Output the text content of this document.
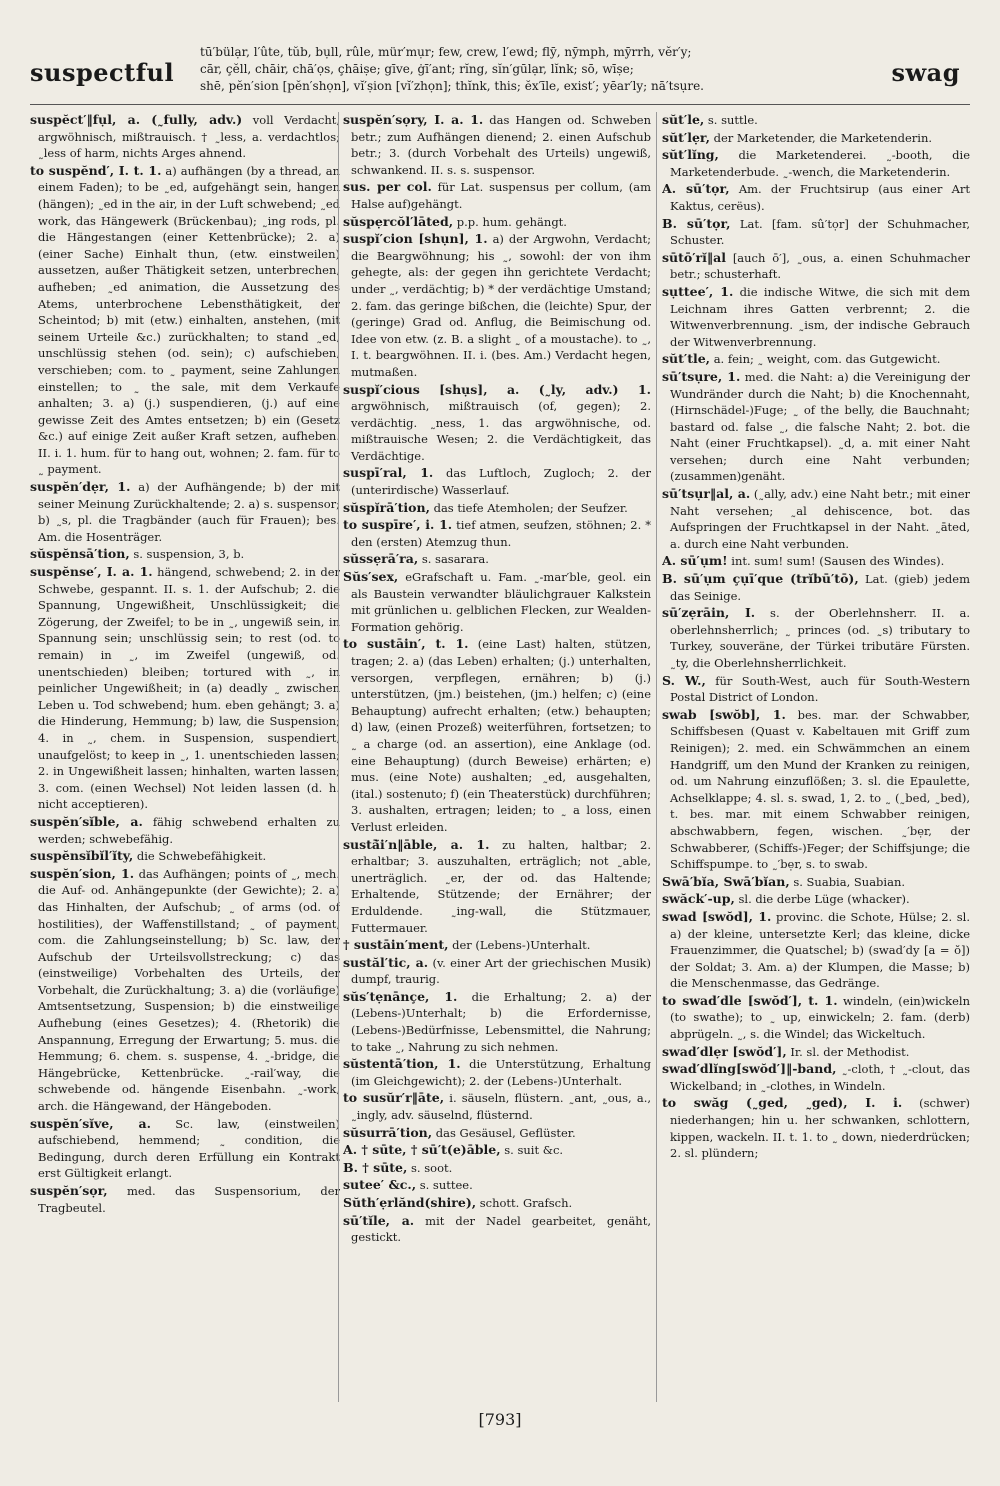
suspectful
tū′bülạr, l′ûte, tŭb, bụll, rûle, mür′mụr; few, crew, l′ewd; flȳ, nȳmph, mȳrrh, vĕr′y;
cār, çĕll, chāir, chā′ọs, çhāiṣe; gīve, ġī′ant; rĭng, sĭn′gūlạr, lĭnk; sō, wīṣe;
shē, pĕn′sion [pĕn′shọn], vĭ′ṣion [vĭ′zhọn]; thĭnk, this; ĕx′īle, exist′; yēar′ly; nā′tsụre.	swag

suspĕct′‖fụl, a. (˷fully, adv.) voll Verdacht, argwöhnisch, mißtrauisch. † ˷less, a. verdachtlos; ˷less of harm, nichts Arges ahnend.

to suspĕnd′, I. t. 1. a) aufhängen (by a thread, an einem Faden); to be ˷ed, aufgehängt sein, hangen (hängen); ˷ed in the air, in der Luft schwebend; ˷ed work, das Hängewerk (Brückenbau); ˷ing rods, pl. die Hängestangen (einer Kettenbrücke); 2. a) (einer Sache) Einhalt thun, (etw. einstweilen) aussetzen, außer Thätigkeit setzen, unterbrechen, aufheben; ˷ed animation, die Aussetzung des Atems, unterbrochene Lebensthätigkeit, der Scheintod; b) mit (etw.) einhalten, anstehen, (mit seinem Urteile &c.) zurückhalten; to stand ˷ed, unschlüssig stehen (od. sein); c) aufschieben, verschieben; com. to ˷ payment, seine Zahlungen einstellen; to ˷ the sale, mit dem Verkaufe anhalten; 3. a) (j.) suspendieren, (j.) auf eine gewisse Zeit des Amtes entsetzen; b) ein (Gesetz &c.) auf einige Zeit außer Kraft setzen, aufheben. II. i. 1. hum. für to hang out, wohnen; 2. fam. für to ˷ payment.

suspĕn′dẹr, 1. a) der Aufhängende; b) der mit seiner Meinung Zurückhaltende; 2. a) s. suspensor; b) ˷s, pl. die Tragbänder (auch für Frauen); bes. Am. die Hosenträger.

sŭspĕnsā′tion, s. suspension, 3, b.

suspĕnse′, I. a. 1. hängend, schwebend; 2. in der Schwebe, gespannt. II. s. 1. der Aufschub; 2. die Spannung, Ungewißheit, Unschlüssigkeit; die Zögerung, der Zweifel; to be in ˷, ungewiß sein, in Spannung sein; unschlüssig sein; to rest (od. to remain) in ˷, im Zweifel (ungewiß, od. unentschieden) bleiben; tortured with ˷, in peinlicher Ungewißheit; in (a) deadly ˷ zwischen Leben u. Tod schwebend; hum. eben gehängt; 3. a) die Hinderung, Hemmung; b) law, die Suspension; 4. in ˷, chem. in Suspension, suspendiert, unaufgelöst; to keep in ˷, 1. unentschieden lassen; 2. in Ungewißheit lassen; hinhalten, warten lassen; 3. com. (einen Wechsel) Not leiden lassen (d. h. nicht acceptieren).

suspĕn′sĭble, a. fähig schwebend erhalten zu werden; schwebefähig.

suspĕnsĭbĭl′ĭty, die Schwebefähigkeit.

suspĕn′sion, 1. das Aufhängen; points of ˷, mech. die Auf- od. Anhängepunkte (der Gewichte); 2. a) das Hinhalten, der Aufschub; ˷ of arms (od. of hostilities), der Waffenstillstand; ˷ of payment, com. die Zahlungseinstellung; b) Sc. law, der Aufschub der Urteilsvollstreckung; c) das (einstweilige) Vorbehalten des Urteils, der Vorbehalt, die Zurückhaltung; 3. a) die (vorläufige) Amtsentsetzung, Suspension; b) die einstweilige Aufhebung (eines Gesetzes); 4. (Rhetorik) die Anspannung, Erregung der Erwartung; 5. mus. die Hemmung; 6. chem. s. suspense, 4. ˷-bridge, die Hängebrücke, Kettenbrücke. ˷-rail′way, die schwebende od. hängende Eisenbahn. ˷-work, arch. die Hängewand, der Hängeboden.

suspĕn′sĭve, a. Sc. law, (einstweilen) aufschiebend, hemmend; ˷ condition, die Bedingung, durch deren Erfüllung ein Kontrakt erst Gültigkeit erlangt.

suspĕn′sọr, med. das Suspensorium, der Tragbeutel.

suspĕn′sọry, I. a. 1. das Hangen od. Schweben betr.; zum Aufhängen dienend; 2. einen Aufschub betr.; 3. (durch Vorbehalt des Urteils) ungewiß, schwankend. II. s. s. suspensor.

sus. per col. für Lat. suspensus per collum, (am Halse auf)gehängt.

sŭspẹrcŏl′lāted, p.p. hum. gehängt.

suspĭ′cion [shụn], 1. a) der Argwohn, Verdacht; die Beargwöhnung; his ˷, sowohl: der von ihm gehegte, als: der gegen ihn gerichtete Verdacht; under ˷, verdächtig; b) * der verdächtige Umstand; 2. fam. das geringe bißchen, die (leichte) Spur, der (geringe) Grad od. Anflug, die Beimischung od. Idee von etw. (z. B. a slight ˷ of a moustache). to ˷, I. t. beargwöhnen. II. i. (bes. Am.) Verdacht hegen, mutmaßen.

suspĭ′cious [shụs], a. (˷ly, adv.) 1. argwöhnisch, mißtrauisch (of, gegen); 2. verdächtig. ˷ness, 1. das argwöhnische, od. mißtrauische Wesen; 2. die Verdächtigkeit, das Verdächtige.

suspī′ral, 1. das Luftloch, Zugloch; 2. der (unterirdische) Wasserlauf.

sŭspĭrā′tion, das tiefe Atemholen; der Seufzer.

to suspīre′, i. 1. tief atmen, seufzen, stöhnen; 2. * den (ersten) Atemzug thun.

sŭssẹrā′ra, s. sasarara.

Sŭs′sex, eGrafschaft u. Fam. ˷-mar′ble, geol. ein als Baustein verwandter bläulichgrauer Kalkstein mit grünlichen u. gelblichen Flecken, zur Wealden-Formation gehörig.

to sustāin′, t. 1. (eine Last) halten, stützen, tragen; 2. a) (das Leben) erhalten; (j.) unterhalten, versorgen, verpflegen, ernähren; b) (j.) unterstützen, (jm.) beistehen, (jm.) helfen; c) (eine Behauptung) aufrecht erhalten; (etw.) behaupten; d) law, (einen Prozeß) weiterführen, fortsetzen; to ˷ a charge (od. an assertion), eine Anklage (od. eine Behauptung) (durch Beweise) erhärten; e) mus. (eine Note) aushalten; ˷ed, ausgehalten, (ital.) sostenuto; f) (ein Theaterstück) durchführen; 3. aushalten, ertragen; leiden; to ˷ a loss, einen Verlust erleiden.

sustā̆i′n‖āble, a. 1. zu halten, haltbar; 2. erhaltbar; 3. auszuhalten, erträglich; not ˷able, unerträglich. ˷er, der od. das Haltende; Erhaltende, Stützende; der Ernährer; der Erduldende. ˷ing-wall, die Stützmauer, Futtermauer.

† sustāin′ment, der (Lebens-)Unterhalt.

sustăl′tic, a. (v. einer Art der griechischen Musik) dumpf, traurig.

sŭs′tẹnānçe, 1. die Erhaltung; 2. a) der (Lebens-)Unterhalt; b) die Erfordernisse, (Lebens-)Bedürfnisse, Lebensmittel, die Nahrung; to take ˷, Nahrung zu sich nehmen.

sŭstentā′tion, 1. die Unterstützung, Erhaltung (im Gleichgewicht); 2. der (Lebens-)Unterhalt.

to susŭr′r‖āte, i. säuseln, flüstern. ˷ant, ˷ous, a., ˷ingly, adv. säuselnd, flüsternd.

sŭsurrā′tion, das Gesäusel, Geflüster.

A. † sūte, † sū′t(e)āble, s. suit &c.

B. † sūte, s. soot.

sutee′ &c., s. suttee.

Sŭth′ẹrlănd(shire), schott. Grafsch.

sū′tĭle, a. mit der Nadel gearbeitet, genäht, gestickt.

sŭt′le, s. suttle.

sŭt′lẹr, der Marketender, die Marketenderin.

sŭt′lĭng, die Marketenderei. ˷-booth, die Marketenderbude. ˷-wench, die Marketenderin.

A. sū′tọr, Am. der Fruchtsirup (aus einer Art Kaktus, cerëus).

B. sū′tọr, Lat. [fam. sû′tọr] der Schuhmacher, Schuster.

sūtō′rĭ‖al [auch ō′], ˷ous, a. einen Schuhmacher betr.; schusterhaft.

sụttee′, 1. die indische Witwe, die sich mit dem Leichnam ihres Gatten verbrennt; 2. die Witwenverbrennung. ˷ism, der indische Gebrauch der Witwenverbrennung.

sŭt′tle, a. fein; ˷ weight, com. das Gutgewicht.

sū′tsụre, 1. med. die Naht: a) die Vereinigung der Wundränder durch die Naht; b) die Knochennaht, (Hirnschädel-)Fuge; ˷ of the belly, die Bauchnaht; bastard od. false ˷, die falsche Naht; 2. bot. die Naht (einer Fruchtkapsel). ˷d, a. mit einer Naht versehen; durch eine Naht verbunden; (zusammen)genäht.

sū′tsụr‖al, a. (˷ally, adv.) eine Naht betr.; mit einer Naht versehen; ˷al dehiscence, bot. das Aufspringen der Fruchtkapsel in der Naht. ˷āted, a. durch eine Naht verbunden.

A. sū′ụm! int. sum! sum! (Sausen des Windes).

B. sū′ụm çụī′que (trĭbū′tō), Lat. (gieb) jedem das Seinige.

sū′zẹrāin, I. s. der Oberlehnsherr. II. a. oberlehnsherrlich; ˷ princes (od. ˷s) tributary to Turkey, souveräne, der Türkei tributäre Fürsten. ˷ty, die Oberlehnsherrlichkeit.

S. W., für South-West, auch für South-Western Postal District of London.

swab [swŏb], 1. bes. mar. der Schwabber, Schiffsbesen (Quast v. Kabeltauen mit Griff zum Reinigen); 2. med. ein Schwämmchen an einem Handgriff, um den Mund der Kranken zu reinigen, od. um Nahrung einzuflößen; 3. sl. die Epaulette, Achselklappe; 4. sl. s. swad, 1, 2. to ˷ (˷bed, ˷bed), t. bes. mar. mit einem Schwabber reinigen, abschwabbern, fegen, wischen. ˷′bẹr, der Schwabberer, (Schiffs-)Feger; der Schiffsjunge; die Schiffspumpe. to ˷′bẹr, s. to swab.

Swā′bĭa, Swā′bĭan, s. Suabia, Suabian.

swăck′-up, sl. die derbe Lüge (whacker).

swad [swŏd], 1. provinc. die Schote, Hülse; 2. sl. a) der kleine, untersetzte Kerl; das kleine, dicke Frauenzimmer, die Quatschel; b) (swad′dy [a = ŏ]) der Soldat; 3. Am. a) der Klumpen, die Masse; b) die Menschenmasse, das Gedränge.

to swad′dle [swŏd′], t. 1. windeln, (ein)wickeln (to swathe); to ˷ up, einwickeln; 2. fam. (derb) abprügeln. ˷, s. die Windel; das Wickeltuch.

swad′dlẹr [swŏd′], Ir. sl. der Methodist.

swad′dlĭng[swŏd′]‖-band, ˷-cloth, † ˷-clout, das Wickelband; in ˷-clothes, in Windeln.

to swăg (˷ged, ˷ged), I. i. (schwer) niederhangen; hin u. her schwanken, schlottern, kippen, wackeln. II. t. 1. to ˷ down, niederdrücken; 2. sl. plündern;

[793]
